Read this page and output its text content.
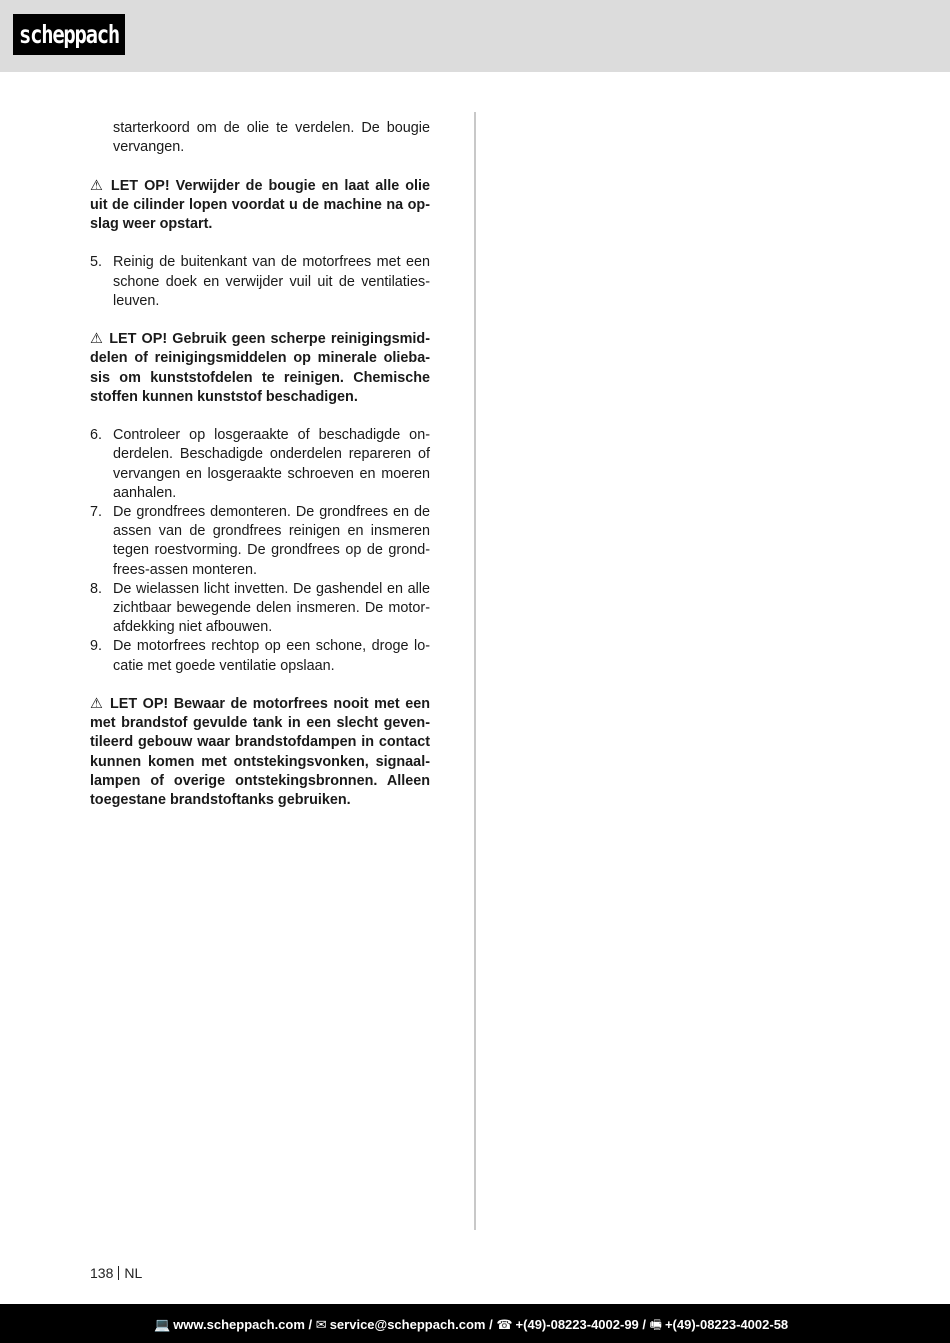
scheppach

starterkoord om de olie te verdelen. De bougie vervangen.

⚠ LET OP! Verwijder de bougie en laat alle olie uit de cilinder lopen voordat u de machine na opslag weer opstart.

5. Reinig de buitenkant van de motorfrees met een schone doek en verwijder vuil uit de ventilatiesleuven.

⚠ LET OP! Gebruik geen scherpe reinigingsmiddelen of reinigingsmiddelen op minerale oliebasis om kunststofdelen te reinigen. Chemische stoffen kunnen kunststof beschadigen.

6. Controleer op losgeraakte of beschadigde onderdelen. Beschadigde onderdelen repareren of vervangen en losgeraakte schroeven en moeren aanhalen.
7. De grondfrees demonteren. De grondfrees en de assen van de grondfrees reinigen en insmeren tegen roestvorming. De grondfrees op de grondfrees-assen monteren.
8. De wielassen licht invetten. De gashendel en alle zichtbaar bewegende delen insmeren. De motorafdekking niet afbouwen.
9. De motorfrees rechtop op een schone, droge locatie met goede ventilatie opslaan.

⚠ LET OP! Bewaar de motorfrees nooit met een met brandstof gevulde tank in een slecht geventileerd gebouw waar brandstofdampen in contact kunnen komen met ontstekingsvonken, signaallampen of overige ontstekingsbronnen. Alleen toegestane brandstoftanks gebruiken.

138 NL
💻 www.scheppach.com / ✉ service@scheppach.com / ☎ +(49)-08223-4002-99 / 🖷 +(49)-08223-4002-58
